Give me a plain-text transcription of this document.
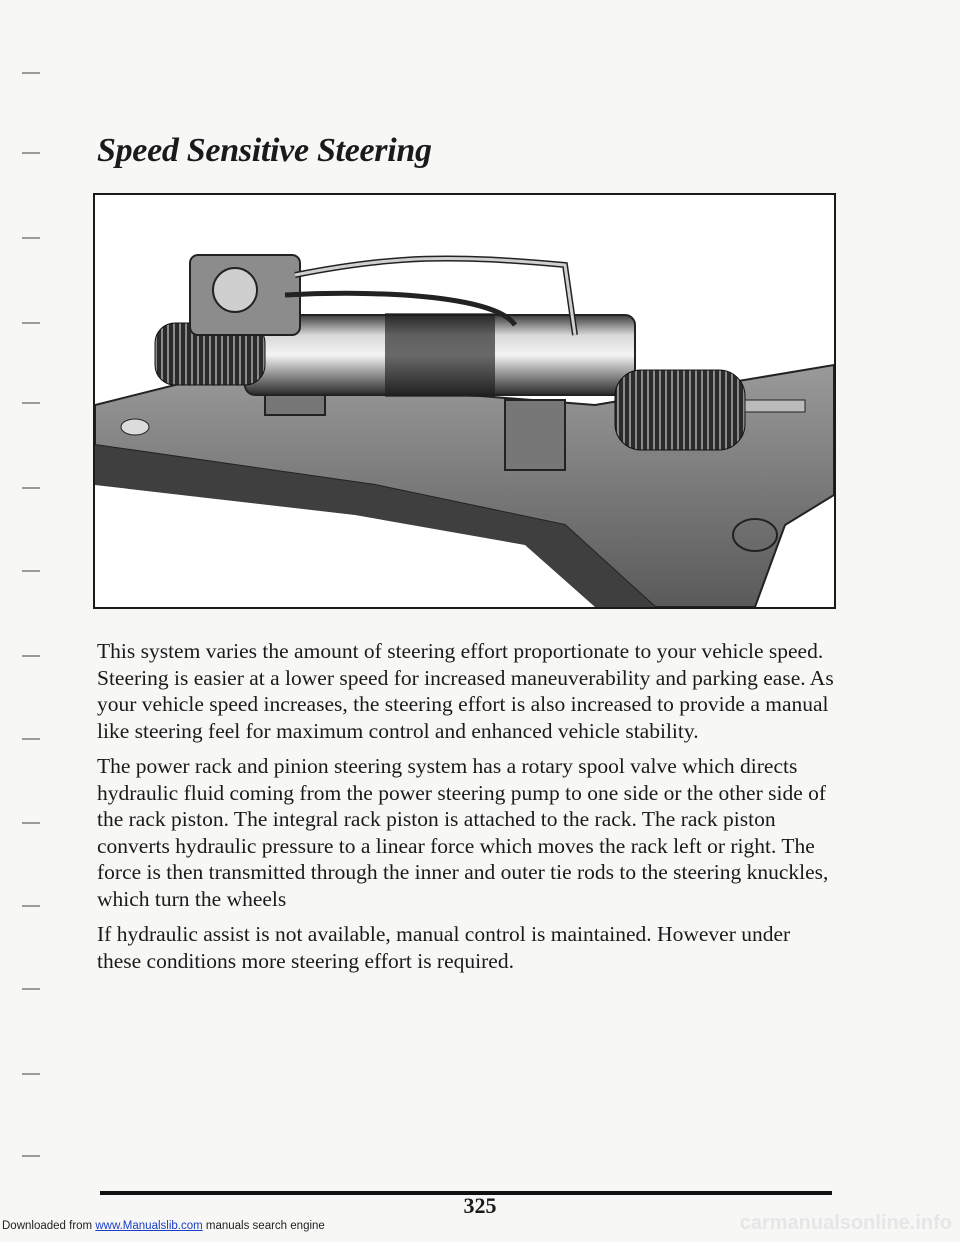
Speed Sensitive Steering

This system varies the amount of steering effort proportionate to your vehicle speed. Steering is easier at a lower speed for increased maneuverability and parking ease. As your vehicle speed increases, the steering effort is also increased to provide a manual like steering feel for maximum control and enhanced vehicle stability.

The power rack and pinion steering system has a rotary spool valve which directs hydraulic fluid coming from the power steering pump to one side or the other side of the rack piston. The integral rack piston is attached to the rack. The rack piston converts hydraulic pressure to a linear force which moves the rack left or right. The force is then transmitted through the inner and outer tie rods to the steering knuckles, which turn the wheels

If hydraulic assist is not available, manual control is maintained. However under these conditions more steering effort is required.

325
Downloaded from www.Manualslib.com manuals search engine	carmanualsonline.info
